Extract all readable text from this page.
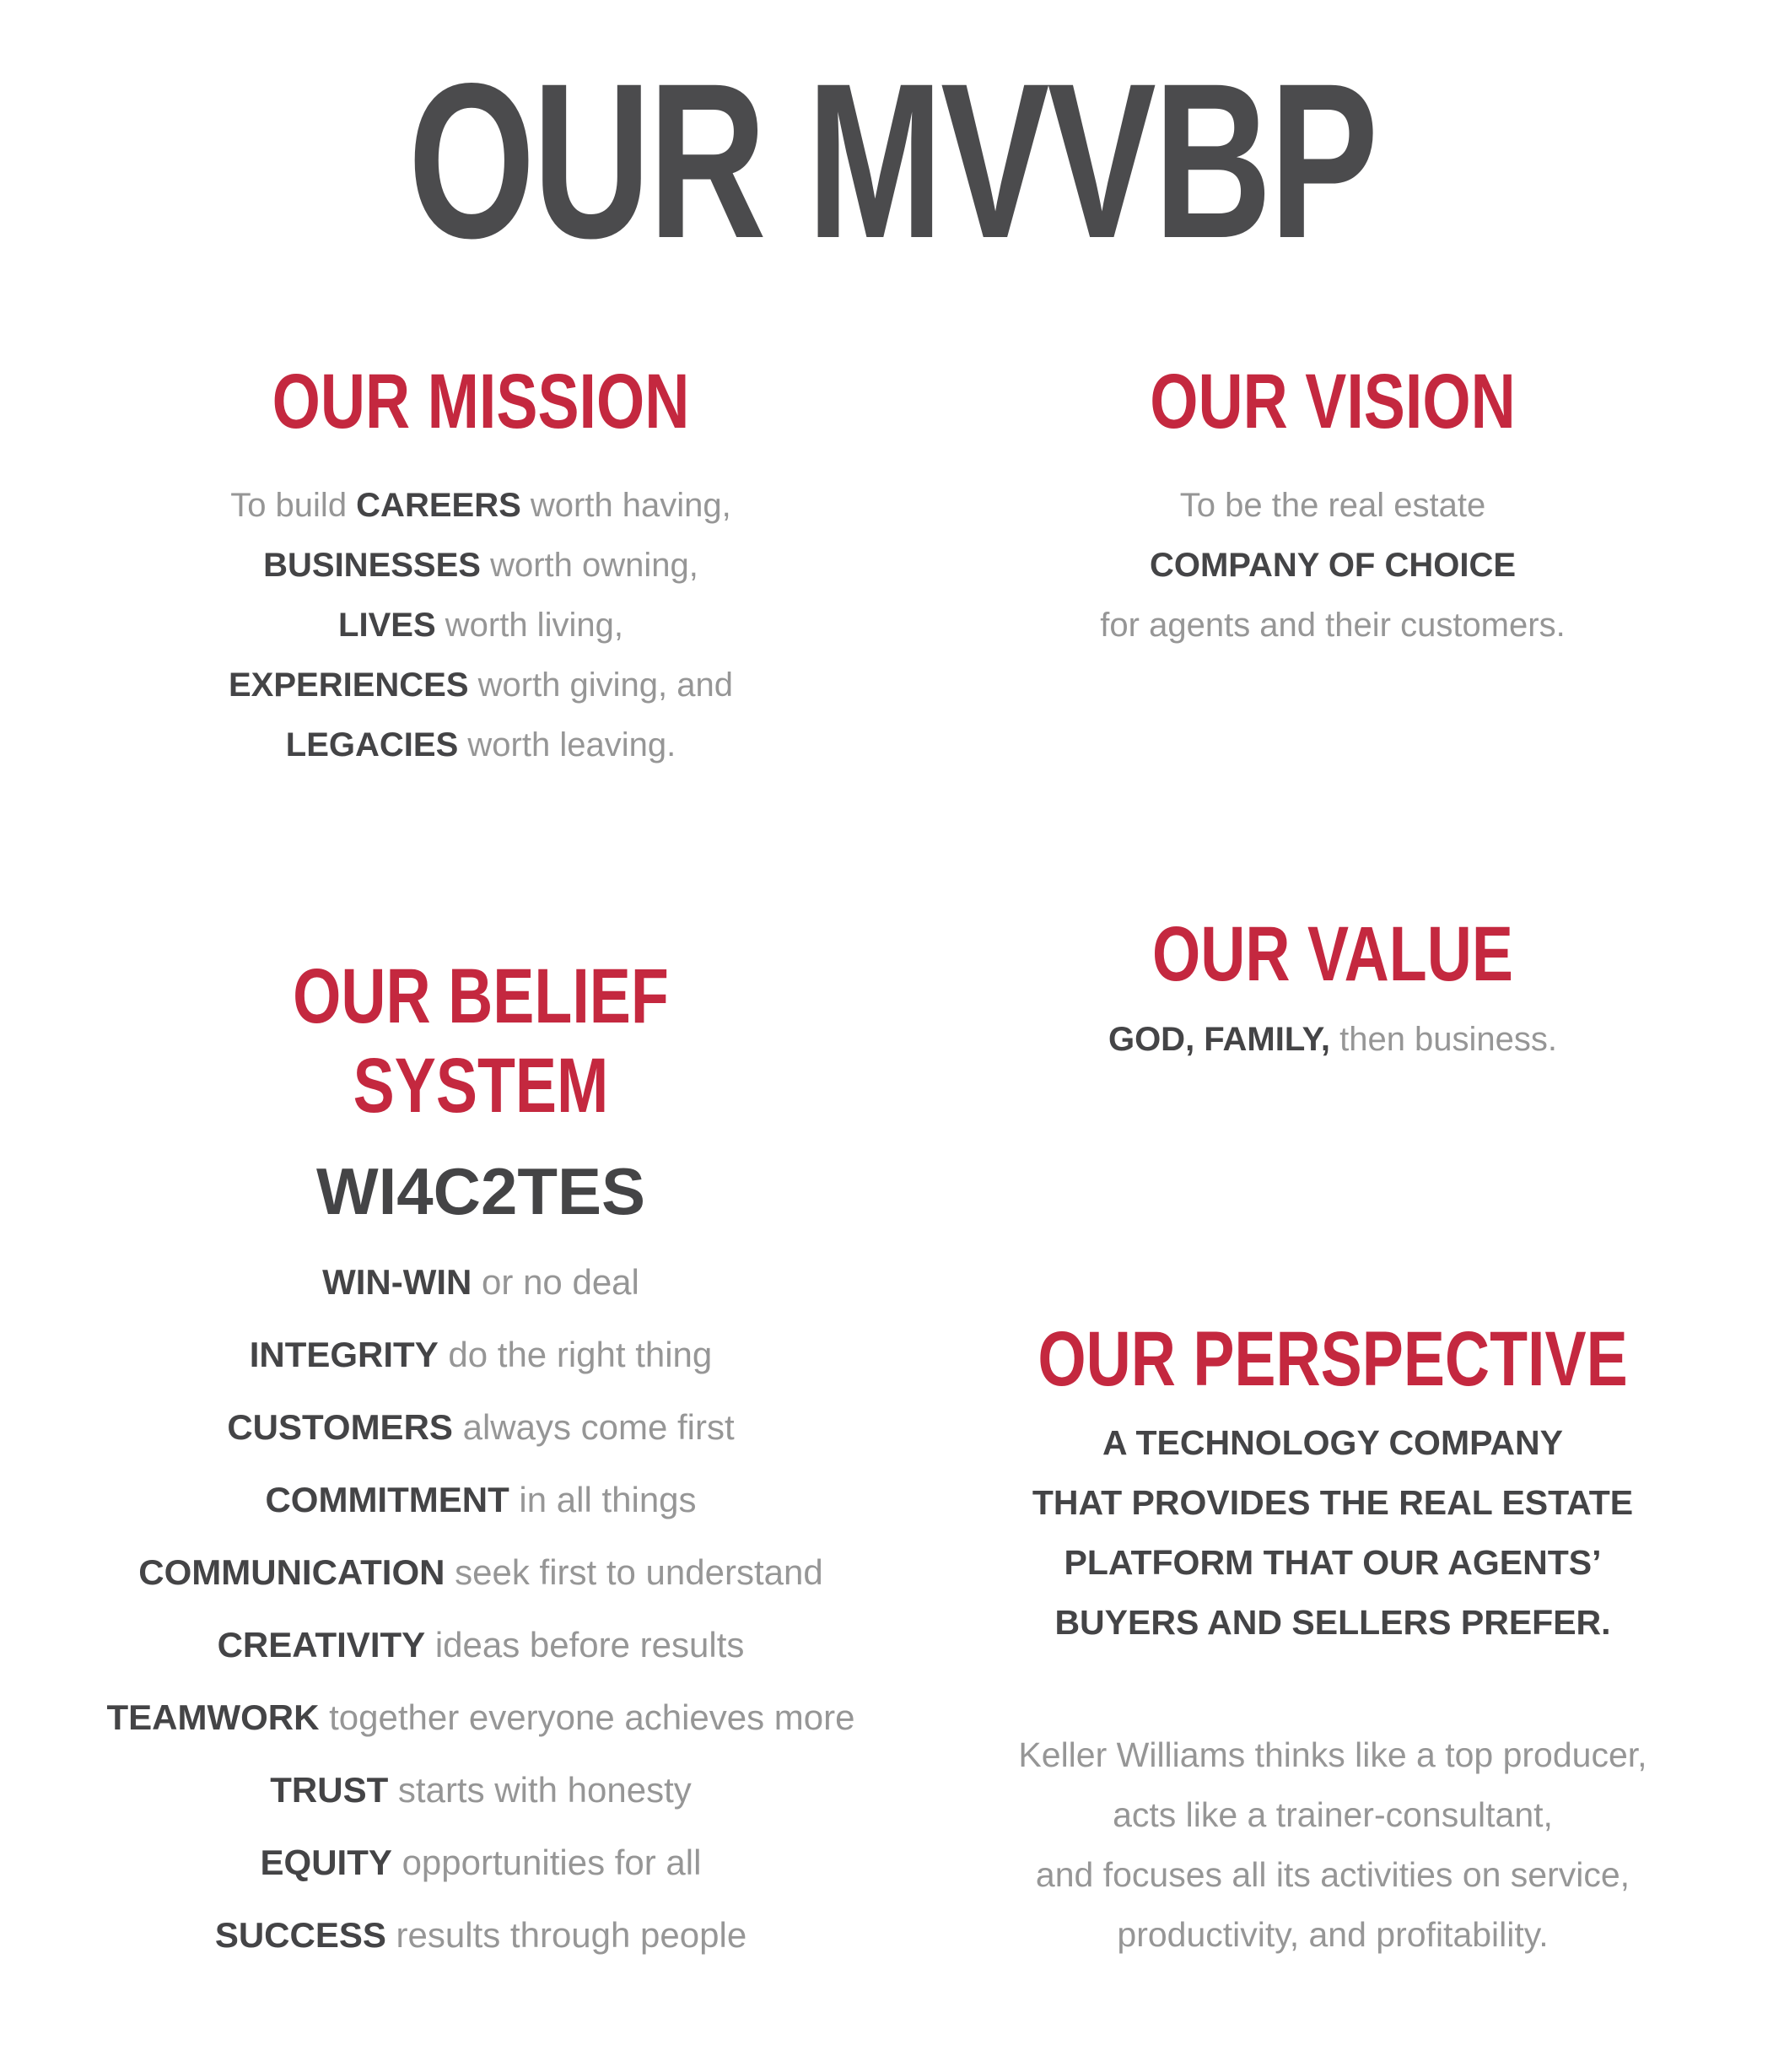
OUR MVVBP
OUR MISSION

To build CAREERS worth having,

BUSINESSES worth owning,

LIVES worth living,

EXPERIENCES worth giving, and

LEGACIES worth leaving.

OUR BELIEF
SYSTEM
WI4C2TES
WIN-WIN or no deal
INTEGRITY do the right thing
CUSTOMERS always come first
COMMITMENT in all things
COMMUNICATION seek first to understand
CREATIVITY ideas before results
TEAMWORK together everyone achieves more
TRUST starts with honesty
EQUITY opportunities for all
SUCCESS results through people
OUR VISION

To be the real estate

COMPANY OF CHOICE

for agents and their customers.

OUR VALUE

GOD, FAMILY, then business.

OUR PERSPECTIVE
A TECHNOLOGY COMPANY
THAT PROVIDES THE REAL ESTATE
PLATFORM THAT OUR AGENTS’
BUYERS AND SELLERS PREFER.
Keller Williams thinks like a top producer,
acts like a trainer-consultant,
and focuses all its activities on service,
productivity, and profitability.
